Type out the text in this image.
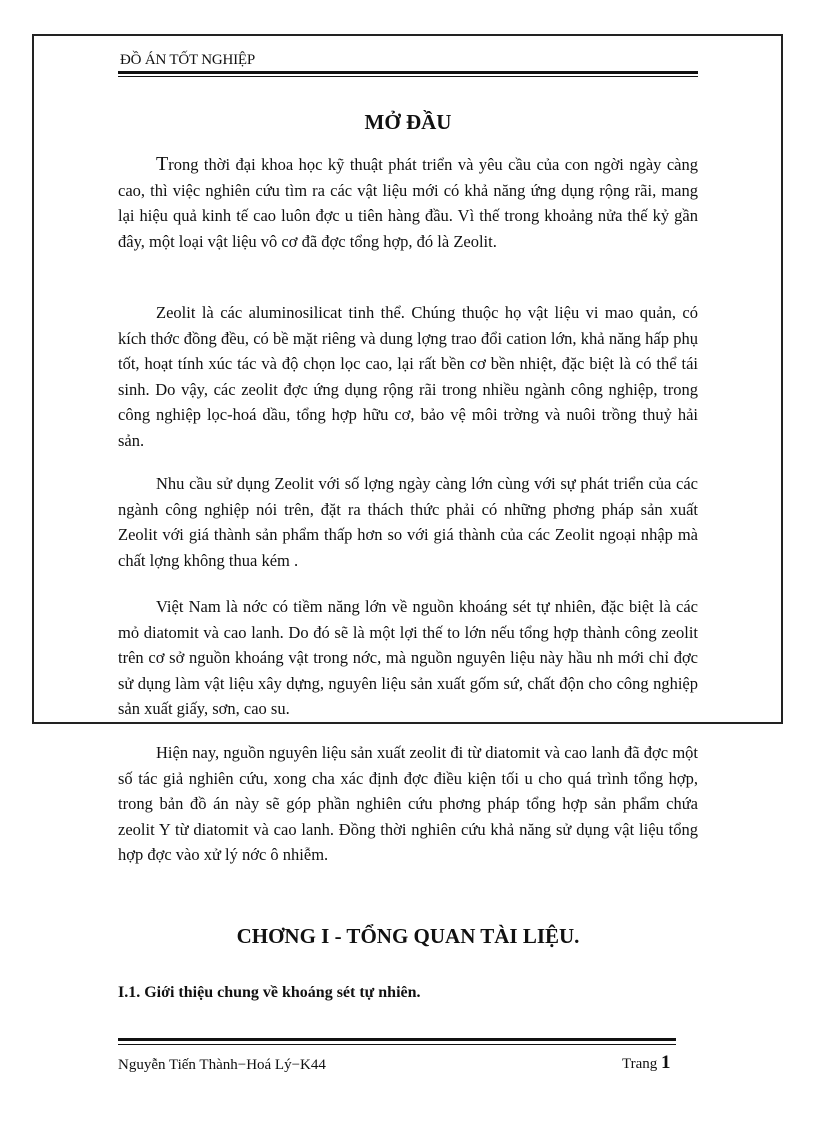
ĐỒ ÁN TỐT NGHIỆP
MỞ ĐẦU

Trong thời đại khoa học kỹ thuật phát triển và yêu cầu của con ngời ngày càng cao, thì việc nghiên cứu tìm ra các vật liệu mới có khả năng ứng dụng rộng rãi, mang lại hiệu quả kinh tế cao luôn đợc u tiên hàng đầu. Vì thế trong khoảng nửa thế kỷ gần đây, một loại vật liệu vô cơ đã đợc tổng hợp, đó là Zeolit.

Zeolit là các aluminosilicat tinh thể. Chúng thuộc họ vật liệu vi mao quản, có kích thớc đồng đều, có bề mặt riêng và dung lợng trao đổi cation lớn, khả năng hấp phụ tốt, hoạt tính xúc tác và độ chọn lọc cao, lại rất bền cơ bền nhiệt, đặc biệt là có thể tái sinh. Do vậy, các zeolit đợc ứng dụng rộng rãi trong nhiều ngành công nghiệp, trong công nghiệp lọc-hoá dầu, tổng hợp hữu cơ, bảo vệ môi trờng và nuôi trồng thuỷ hải sản.

Nhu cầu sử dụng Zeolit với số lợng ngày càng lớn cùng với sự phát triển của các ngành công nghiệp nói trên, đặt ra thách thức phải có những phơng pháp sản xuất Zeolit với giá thành sản phẩm thấp hơn so với giá thành của các Zeolit ngoại nhập mà chất lợng không thua kém .

Việt Nam là nớc có tiềm năng lớn về nguồn khoáng sét tự nhiên, đặc biệt là các mỏ diatomit và cao lanh. Do đó sẽ là một lợi thế to lớn nếu tổng hợp thành công zeolit trên cơ sở nguồn khoáng vật trong nớc, mà nguồn nguyên liệu này hầu nh mới chỉ đợc sử dụng làm vật liệu xây dựng, nguyên liệu sản xuất gốm sứ, chất độn cho công nghiệp sản xuất giấy, sơn, cao su.

Hiện nay, nguồn nguyên liệu sản xuất zeolit đi từ diatomit và cao lanh đã đợc một số tác giả nghiên cứu, xong cha xác định đợc điều kiện tối u cho quá trình tổng hợp, trong bản đồ án này sẽ góp phần nghiên cứu phơng pháp tổng hợp sản phẩm chứa zeolit Y từ diatomit và cao lanh. Đồng thời nghiên cứu khả năng sử dụng vật liệu tổng hợp đợc vào xử lý nớc ô nhiễm.

CHƠNG I - TỔNG QUAN TÀI LIỆU.
I.1. Giới thiệu chung về khoáng sét tự nhiên.
Nguyễn Tiến Thành−Hoá Lý−K44	Trang 1
